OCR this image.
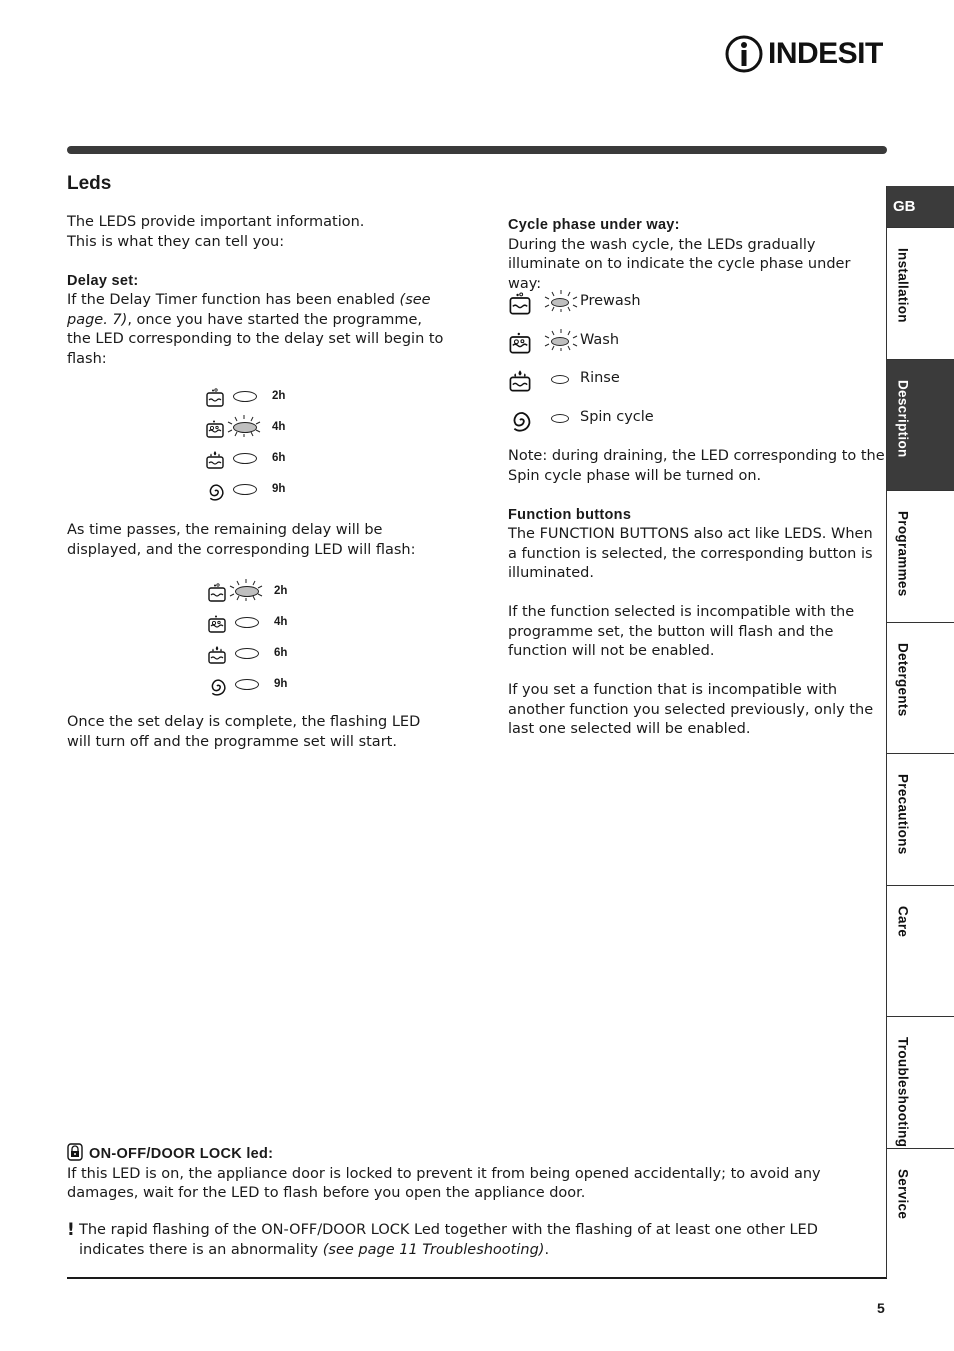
INDESIT
Leds

The LEDS provide important information.

This is what they can tell you:

Delay set:

If the Delay Timer function has been enabled (see page. 7), once you have started the programme, the LED corresponding to the delay set will begin to flash:

2h
4h
6h
9h

As time passes, the remaining delay will be displayed, and the corresponding LED will flash:

2h
4h
6h
9h

Once the set delay is complete, the flashing LED will turn off and the programme set will start.

Cycle phase under way:

During the wash cycle, the LEDs gradually illuminate on to indicate the cycle phase under way:

Prewash
Wash
Rinse
Spin cycle

Note: during draining, the LED corresponding to the Spin cycle phase will be turned on.

Function buttons

The FUNCTION BUTTONS also act like LEDS. When a function is selected, the corresponding button is illuminated.

If the function selected is incompatible with the programme set, the button will flash and the function will not be enabled.

If you set a function that is incompatible with another function you selected previously, only the last one selected will be enabled.

ON-OFF/DOOR LOCK led:

If this LED is on, the appliance door is locked to prevent it from being opened accidentally; to avoid any damages, wait for the LED to flash before you open the appliance door.

! The rapid flashing of the ON-OFF/DOOR LOCK Led together with the flashing of at least one other LED indicates there is an abnormality (see page 11 Troubleshooting).

5
GB
Installation
Description
Programmes
Detergents
Precautions
Care
Troubleshooting
Service
